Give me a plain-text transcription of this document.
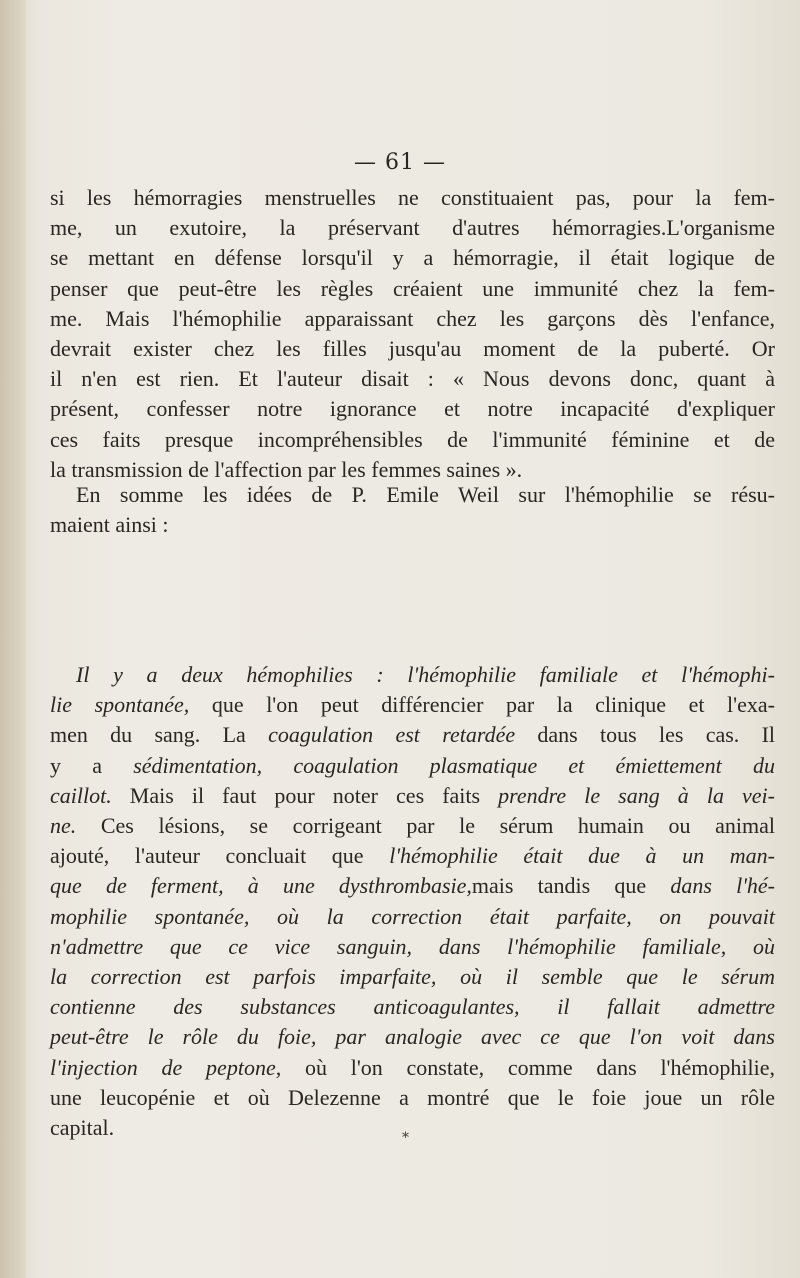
— 61 —
si les hémorragies menstruelles ne constituaient pas, pour la fem-
me, un exutoire, la préservant d'autres hémorragies.L'organisme
se mettant en défense lorsqu'il y a hémorragie, il était logique de
penser que peut-être les règles créaient une immunité chez la fem-
me. Mais l'hémophilie apparaissant chez les garçons dès l'enfance,
devrait exister chez les filles jusqu'au moment de la puberté. Or
il n'en est rien. Et l'auteur disait : « Nous devons donc, quant à
présent, confesser notre ignorance et notre incapacité d'expliquer
ces faits presque incompréhensibles de l'immunité féminine et de
la transmission de l'affection par les femmes saines ».
En somme les idées de P. Emile Weil sur l'hémophilie se résu-
maient ainsi :
Il y a deux hémophilies : l'hémophilie familiale et l'hémophi-
lie spontanée, que l'on peut différencier par la clinique et l'exa-
men du sang. La coagulation est retardée dans tous les cas. Il
y a sédimentation, coagulation plasmatique et émiettement du
caillot. Mais il faut pour noter ces faits prendre le sang à la vei-
ne. Ces lésions, se corrigeant par le sérum humain ou animal
ajouté, l'auteur concluait que l'hémophilie était due à un man-
que de ferment, à une dysthrombasie,mais tandis que dans l'hé-
mophilie spontanée, où la correction était parfaite, on pouvait
n'admettre que ce vice sanguin, dans l'hémophilie familiale, où
la correction est parfois imparfaite, où il semble que le sérum
contienne des substances anticoagulantes, il fallait admettre
peut-être le rôle du foie, par analogie avec ce que l'on voit dans
l'injection de peptone, où l'on constate, comme dans l'hémophilie,
une leucopénie et où Delezenne a montré que le foie joue un rôle
capital.	*
